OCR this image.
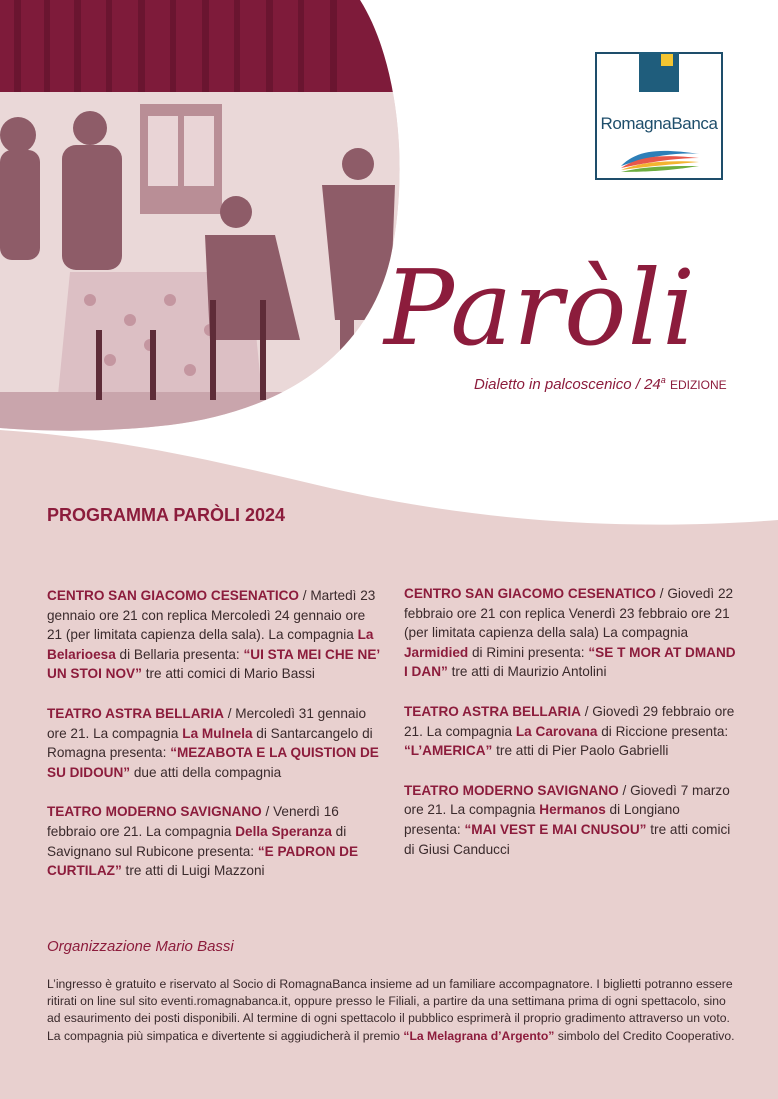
RomagnaBanca
Paròli
Dialetto in palcoscenico / 24$^a$ EDIZIONE
PROGRAMMA PARÒLI 2024
CENTRO SAN GIACOMO CESENATICO / Martedì 23 gennaio ore 21 con replica Mercoledì 24 gennaio ore 21 (per limitata capienza della sala). La compagnia La Belarioesa di Bellaria presenta: “UI STA MEI CHE NE’ UN STOI NOV” tre atti comici di Mario Bassi
TEATRO ASTRA BELLARIA / Mercoledì 31 gennaio ore 21. La compagnia La Mulnela di Santarcangelo di Romagna presenta: “MEZABOTA E LA QUISTION DE SU DIDOUN” due atti della compagnia
TEATRO MODERNO SAVIGNANO / Venerdì 16 febbraio ore 21. La compagnia Della Speranza di Savignano sul Rubicone presenta: “E PADRON DE CURTILAZ” tre atti di Luigi Mazzoni
CENTRO SAN GIACOMO CESENATICO / Giovedì 22 febbraio ore 21 con replica Venerdì 23 febbraio ore 21 (per limitata capienza della sala) La compagnia Jarmidied di Rimini presenta: “SE T MOR AT DMAND I DAN” tre atti di Maurizio Antolini
TEATRO ASTRA BELLARIA / Giovedì 29 febbraio ore 21. La compagnia La Carovana di Riccione presenta: “L’AMERICA” tre atti di Pier Paolo Gabrielli
TEATRO MODERNO SAVIGNANO / Giovedì 7 marzo ore 21. La compagnia Hermanos di Longiano presenta: “MAI VEST E MAI CNUSOU” tre atti comici di Giusi Canducci
Organizzazione Mario Bassi
L’ingresso è gratuito e riservato al Socio di RomagnaBanca insieme ad un familiare accompagnatore. I biglietti potranno essere ritirati on line sul sito eventi.romagnabanca.it, oppure presso le Filiali, a partire da una settimana prima di ogni spettacolo, sino ad esaurimento dei posti disponibili. Al termine di ogni spettacolo il pubblico esprimerà il proprio gradimento attraverso un voto. La compagnia più simpatica e divertente si aggiudicherà il premio “La Melagrana d’Argento” simbolo del Credito Cooperativo.
